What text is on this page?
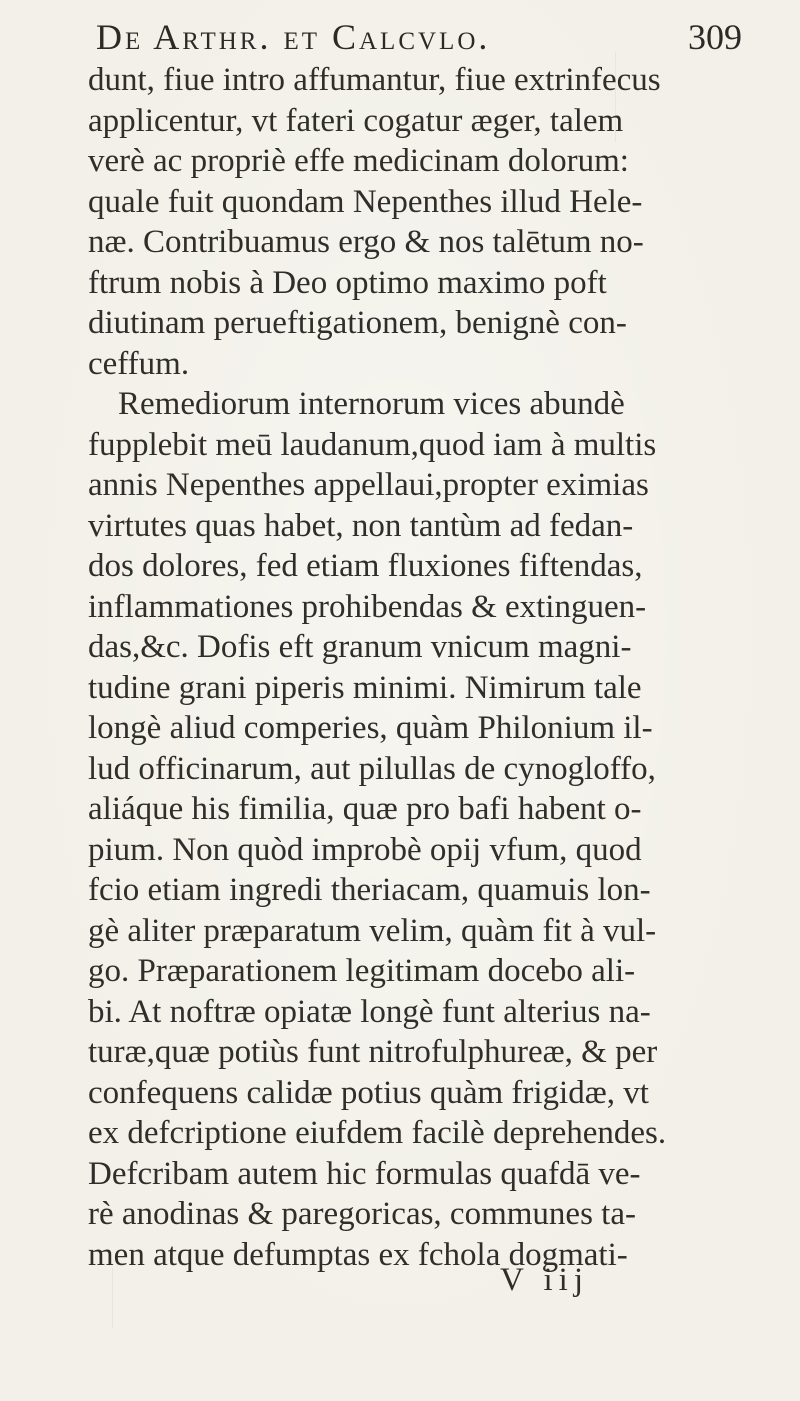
De Arthr. et Calcvlo.	309
dunt, fiue intro affumantur, fiue extrinfecus
applicentur, vt fateri cogatur æger, talem
verè ac propriè effe medicinam dolorum:
quale fuit quondam Nepenthes illud Hele-
næ. Contribuamus ergo & nos talētum no-
ftrum nobis à Deo optimo maximo poft
diutinam perueftigationem, benignè con-
ceffum.
Remediorum internorum vices abundè
fupplebit meū laudanum,quod iam à multis
annis Nepenthes appellaui,propter eximias
virtutes quas habet, non tantùm ad fedan-
dos dolores, fed etiam fluxiones fiftendas,
inflammationes prohibendas & extinguen-
das,&c. Dofis eft granum vnicum magni-
tudine grani piperis minimi. Nimirum tale
longè aliud comperies, quàm Philonium il-
lud officinarum, aut pilullas de cynogloffo,
aliáque his fimilia, quæ pro bafi habent o-
pium. Non quòd improbè opij vfum, quod
fcio etiam ingredi theriacam, quamuis lon-
gè aliter præparatum velim, quàm fit à vul-
go. Præparationem legitimam docebo ali-
bi. At noftræ opiatæ longè funt alterius na-
turæ,quæ potiùs funt nitrofulphureæ, & per
confequens calidæ potius quàm frigidæ, vt
ex defcriptione eiufdem facilè deprehendes.
Defcribam autem hic formulas quafdā ve-
rè anodinas & paregoricas, communes ta-
men atque defumptas ex fchola dogmati-
V iij
